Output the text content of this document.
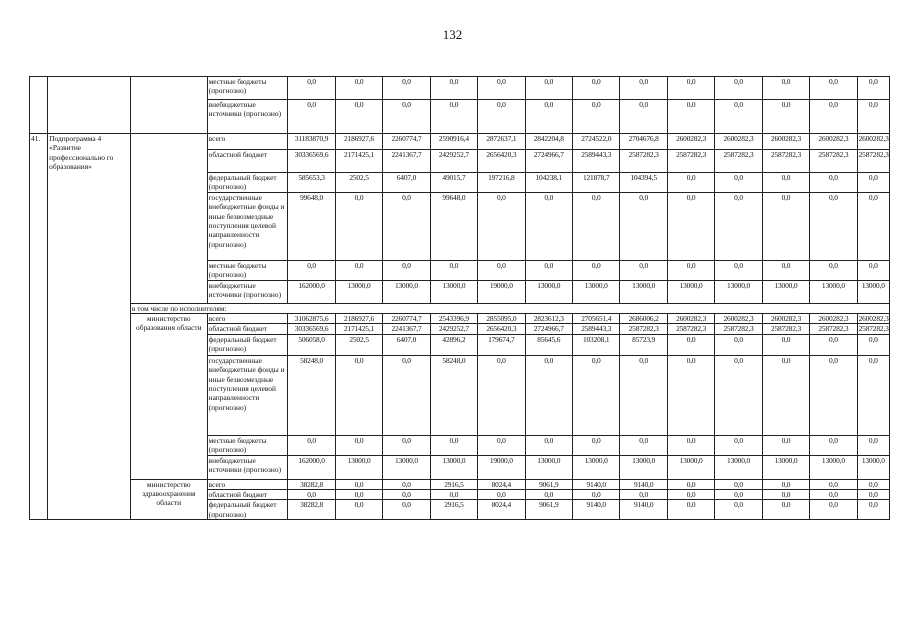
132
			местные бюджеты (прогнозно)	0,0	0,0	0,0	0,0	0,0	0,0	0,0	0,0	0,0	0,0	0,0	0,0	0,0
			внебюджетные источники (прогнозно)	0,0	0,0	0,0	0,0	0,0	0,0	0,0	0,0	0,0	0,0	0,0	0,0	0,0
41.	Подпрограмма 4 «Развитие профессионально го образования»		всего	31183870,9	2186927,6	2260774,7	2590916,4	2872637,1	2842204,8	2724522,0	2704676,8	2600282,3	2600282,3	2600282,3	2600282,3	2600282,3
			областной бюджет	30336569,6	2171425,1	2241367,7	2429252,7	2656420,3	2724966,7	2589443,3	2587282,3	2587282,3	2587282,3	2587282,3	2587282,3	2587282,3
			федеральный бюджет (прогнозно)	585653,3	2502,5	6407,0	49015,7	197216,8	104238,1	121878,7	104394,5	0,0	0,0	0,0	0,0	0,0
			государственные внебюджетные фонды и иные безвозмездные поступления целевой направленности (прогнозно)	99648,0	0,0	0,0	99648,0	0,0	0,0	0,0	0,0	0,0	0,0	0,0	0,0	0,0
			местные бюджеты (прогнозно)	0,0	0,0	0,0	0,0	0,0	0,0	0,0	0,0	0,0	0,0	0,0	0,0	0,0
			внебюджетные источники (прогнозно)	162000,0	13000,0	13000,0	13000,0	19000,0	13000,0	13000,0	13000,0	13000,0	13000,0	13000,0	13000,0	13000,0
		в том числе по исполнителям:														
		министерство образования области	всего	31062875,6	2186927,6	2260774,7	2543396,9	2855095,0	2823612,3	2705651,4	2686006,2	2600282,3	2600282,3	2600282,3	2600282,3	2600282,3
			областной бюджет	30336569,6	2171425,1	2241367,7	2429252,7	2656420,3	2724966,7	2589443,3	2587282,3	2587282,3	2587282,3	2587282,3	2587282,3	2587282,3
			федеральный бюджет (прогнозно)	506058,0	2502,5	6407,0	42896,2	179674,7	85645,6	103208,1	85723,9	0,0	0,0	0,0	0,0	0,0
			государственные внебюджетные фонды и иные безвозмездные поступления целевой направленности (прогнозно)	58248,0	0,0	0,0	58248,0	0,0	0,0	0,0	0,0	0,0	0,0	0,0	0,0	0,0
			местные бюджеты (прогнозно)	0,0	0,0	0,0	0,0	0,0	0,0	0,0	0,0	0,0	0,0	0,0	0,0	0,0
			внебюджетные источники (прогнозно)	162000,0	13000,0	13000,0	13000,0	19000,0	13000,0	13000,0	13000,0	13000,0	13000,0	13000,0	13000,0	13000,0
		министерство здравоохранения области	всего	38282,8	0,0	0,0	2916,5	8024,4	9061,9	9140,0	9140,0	0,0	0,0	0,0	0,0	0,0
			областной бюджет	0,0	0,0	0,0	0,0	0,0	0,0	0,0	0,0	0,0	0,0	0,0	0,0	0,0
			федеральный бюджет (прогнозно)	38282,8	0,0	0,0	2916,5	8024,4	9061,9	9140,0	9140,0	0,0	0,0	0,0	0,0	0,0
